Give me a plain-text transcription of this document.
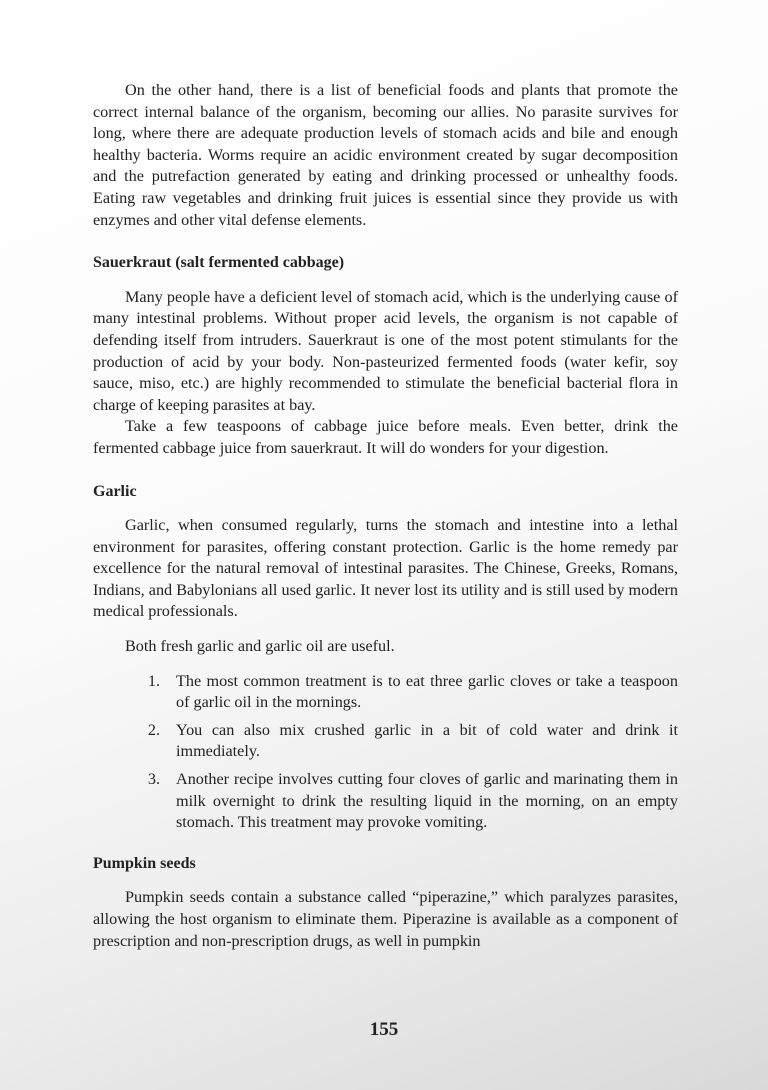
On the other hand, there is a list of beneficial foods and plants that promote the correct internal balance of the organism, becoming our allies. No parasite survives for long, where there are adequate production levels of stomach acids and bile and enough healthy bacteria. Worms require an acidic environment created by sugar decomposition and the putrefaction generated by eating and drinking processed or unhealthy foods. Eating raw vegetables and drinking fruit juices is essential since they provide us with enzymes and other vital defense elements.

Sauerkraut (salt fermented cabbage)

Many people have a deficient level of stomach acid, which is the underlying cause of many intestinal problems. Without proper acid levels, the organism is not capable of defending itself from intruders. Sauerkraut is one of the most potent stimulants for the production of acid by your body. Non-pasteurized fermented foods (water kefir, soy sauce, miso, etc.) are highly recommended to stimulate the beneficial bacterial flora in charge of keeping parasites at bay.

Take a few teaspoons of cabbage juice before meals. Even better, drink the fermented cabbage juice from sauerkraut. It will do wonders for your digestion.

Garlic

Garlic, when consumed regularly, turns the stomach and intestine into a lethal environment for parasites, offering constant protection. Garlic is the home remedy par excellence for the natural removal of intestinal parasites. The Chinese, Greeks, Romans, Indians, and Babylonians all used garlic. It never lost its utility and is still used by modern medical professionals.

Both fresh garlic and garlic oil are useful.

1. The most common treatment is to eat three garlic cloves or take a teaspoon of garlic oil in the mornings.
2. You can also mix crushed garlic in a bit of cold water and drink it immediately.
3. Another recipe involves cutting four cloves of garlic and marinating them in milk overnight to drink the resulting liquid in the morning, on an empty stomach. This treatment may provoke vomiting.
Pumpkin seeds

Pumpkin seeds contain a substance called “piperazine,” which paralyzes parasites, allowing the host organism to eliminate them. Piperazine is available as a component of prescription and non-prescription drugs, as well in pumpkin

155
